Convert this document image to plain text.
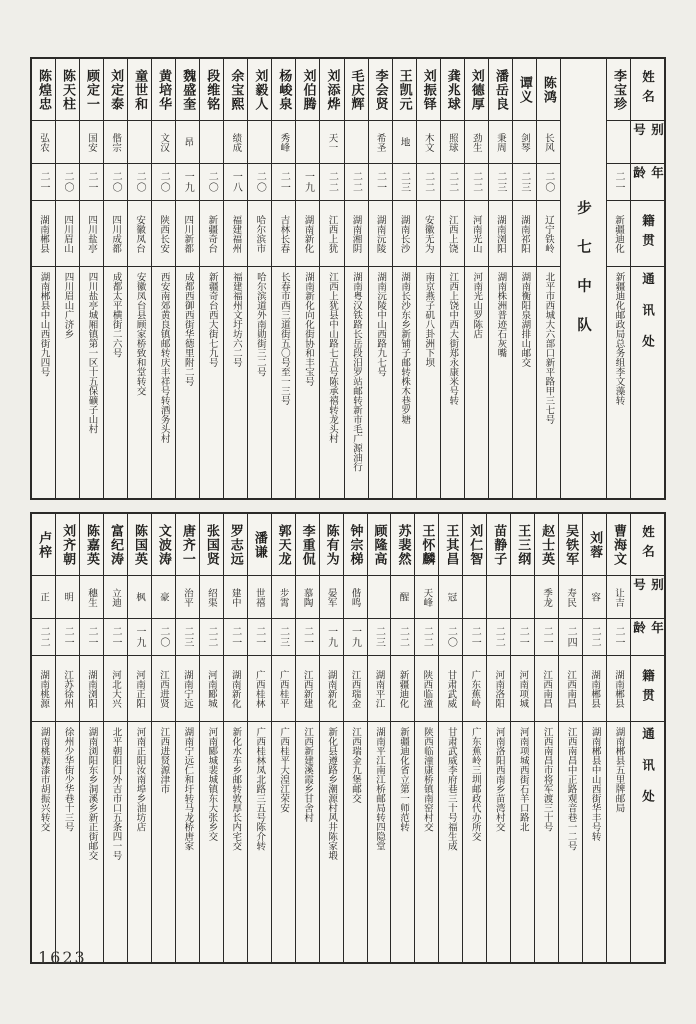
姓名
别号
年龄
籍贯
通讯处
李宝珍
二一
新疆迪化
新疆迪化邮政局总务组李文藻转
步七中队
陈鸿
长风
二〇
辽宁铁岭
北平市西城大六部口新平路甲三七号
谭义
剑琴
二三
湖南祁阳
湖南衡阳泉湖排山邮交
潘岳良
秉周
二三
湖南浏阳
湖南株洲普迹石灰嘴
刘德厚
劲生
二二
河南光山
河南光山罗陈店
龚兆球
照球
二二
江西上饶
江西上饶中西大街郑永康米号转
刘振铎
木文
二二
安徽无为
南京燕子矶八卦洲下坝
王凯元
地
二三
湖南长沙
湖南长沙东乡新铺子邮转株木巷罗塘
李会贤
希圣
二一
湖南沅陵
湖南沅陵中山西路九七号
毛庆辉
二二
湖南湘阴
湖南粤汉铁路长岳段汨罗站邮转新市毛广源油行
刘添烨
天一
二二
江西上犹
江西上犹县中山路七五号陈承禧转龙头村
刘伯腾
一九
湖南新化
湖南新化向化街协和丰宝号
杨峻泉
秀峰
二一
吉林长春
长春市西三道街五〇号至一三号
刘毅人
二〇
哈尔滨市
哈尔滨道外南勋街三二号
余宝熙
绩成
一八
福建福州
福建福州文圩坊六二号
段维铭
二〇
新疆奇台
新疆奇台西大街七九号
魏盛奎
昂
一九
四川新都
成都西御西街华德里附二号
黄培华
文汉
二〇
陕西长安
西安南郊黄良镇邮转庆丰祥号转酒务头村
童世和
二〇
安徽凤台
安徽凤台县顾家桥致和堂转交
刘定泰
偕宗
二〇
四川成都
成都太平横街二六号
顾定一
国安
二一
四川盐亭
四川盐亭城厢镇第一区十五保礦子山村
陈天柱
二〇
四川眉山
四川眉山广济乡
陈煌忠
弘农
二一
湖南郴县
湖南郴县中山西街九四号
姓名
别号
年龄
籍贯
通讯处
曹海文
让吉
二一
湖南郴县
湖南郴县五里牌邮局
刘蓉
容
二二
湖南郴县
湖南郴县中山西街华丰号转
吴铁军
寿民
二四
江西南昌
江西南昌中正路观音巷一二号
赵士英
季龙
二一
江西南昌
江西南昌市将军渡三十号
王三纲
二一
河南项城
河南项城西街石羊口路北
苗静子
二二
河南洛阳
河南洛阳西南乡苗湾村交
刘仁智
二一
广东蕉岭
广东蕉岭三圳邮政代办所交
王其昌
冠
二〇
甘肃武威
甘肃武威李府巷三十号福生成
王怀麟
天峰
二二
陕西临潼
陕西临潼康桥镇南窑村交
苏裴然
醒
二二
新疆迪化
新疆迪化省立第一师范转
顾隆高
二三
湖南平江
湖南平江南江桥邮局转四隐堂
钟宗梯
偕鸣
一九
江西瑞金
江西瑞金九堡邮交
陈有为
晏军
一九
湖南新化
新化县遵路乡潮源村风井陈家塅
李重侃
慕陶
二一
江西新建
江西新建溪霞乡甘舍村
郭天龙
步霄
二三
广西桂平
广西桂平大湟江荣安
潘谦
世禧
二一
广西桂林
广西桂林凤北路三五号陈介转
罗志远
建中
二一
湖南新化
新化水车乡邮转敦厚长内宅交
张国贤
绍渠
二二
河南郾城
河南郾城裴城镇东大张乡交
唐齐一
治平
二三
湖南宁远
湖南宁远仁和圩转马龙桥唐家
文波涛
豪
二〇
江西进贤
江西进贤源津市
陈国英
枫
一九
河南正阳
河南正阳汝南埠乡油坊店
富纪涛
立迪
二一
河北大兴
北平朝阳门外吉市口五条四一号
陈嘉英
穗生
二一
湖南浏阳
湖南浏阳东乡洞溪乡新正街邮交
刘齐朝
明
二一
江苏徐州
徐州少华街少华巷十三号
卢梓
正
二二
湖南桃源
湖南桃源漆市胡振兴转交
1623
